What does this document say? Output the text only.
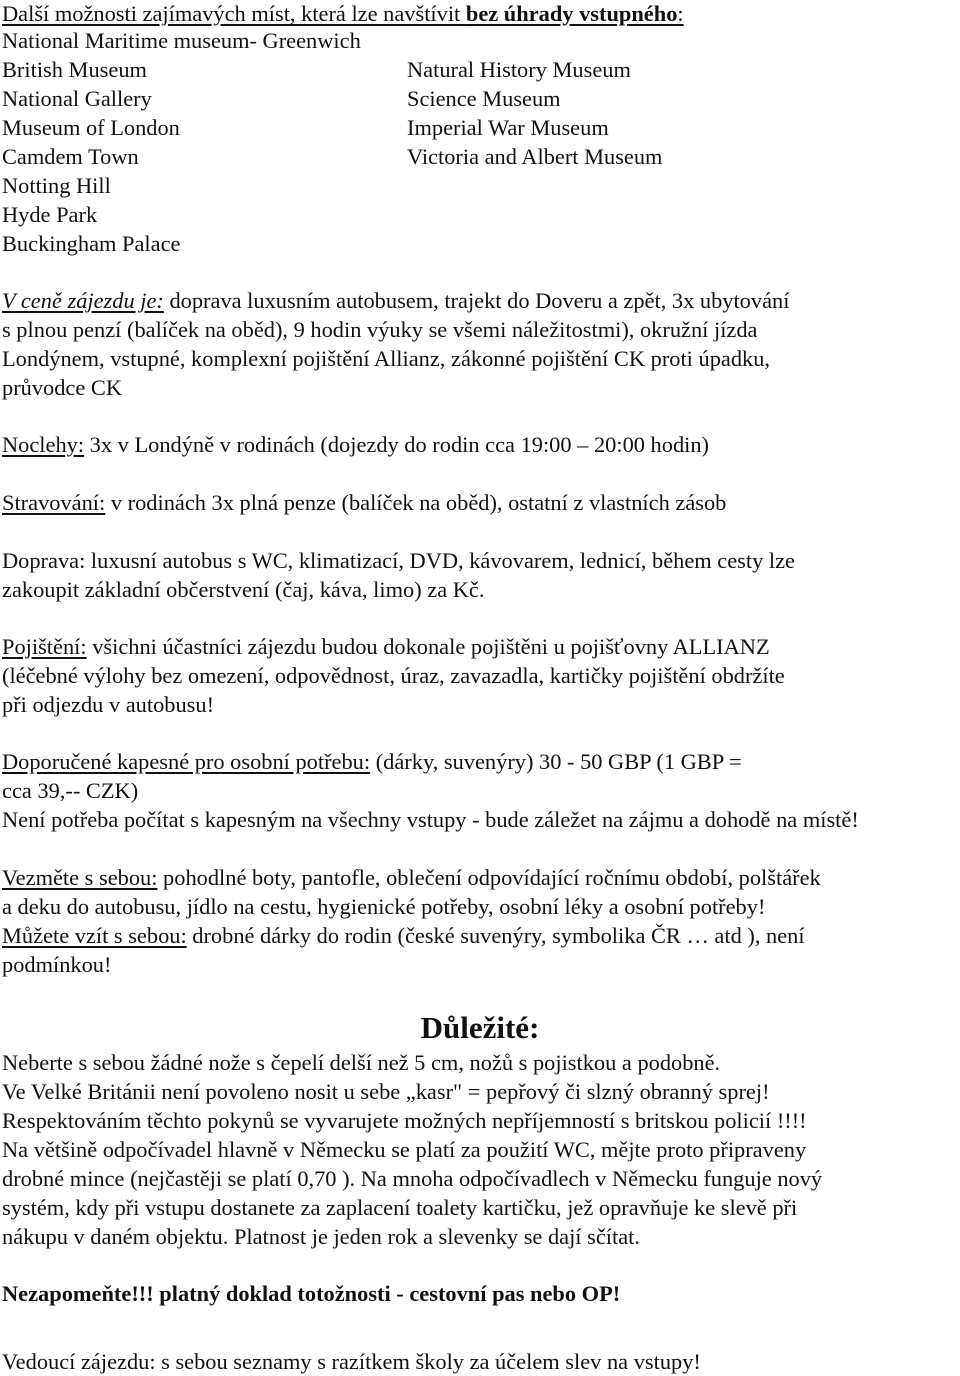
Další možnosti zajímavých míst, která lze navštívit bez úhrady vstupného:
National Maritime museum- Greenwich
British Museum
National Gallery
Museum of London
Camdem Town
Notting Hill
Hyde Park
Buckingham Palace
Natural History Museum
Science Museum
Imperial War Museum
Victoria and Albert Museum
V ceně zájezdu je: doprava luxusním autobusem, trajekt do Doveru a zpět, 3x ubytování
s plnou penzí (balíček na oběd), 9 hodin výuky se všemi náležitostmi), okružní jízda
Londýnem, vstupné, komplexní pojištění Allianz, zákonné pojištění CK proti úpadku,
průvodce CK
Noclehy: 3x v Londýně v rodinách (dojezdy do rodin cca 19:00 – 20:00 hodin)
Stravování: v rodinách 3x plná penze (balíček na oběd), ostatní z vlastních zásob
Doprava: luxusní autobus s WC, klimatizací, DVD, kávovarem, lednicí, během cesty lze
zakoupit základní občerstvení (čaj, káva, limo) za Kč.
Pojištění: všichni účastníci zájezdu budou dokonale pojištěni u pojišťovny ALLIANZ
(léčebné výlohy bez omezení, odpovědnost, úraz, zavazadla, kartičky pojištění obdržíte
při odjezdu v autobusu!
Doporučené kapesné pro osobní potřebu: (dárky, suvenýry) 30 - 50 GBP (1 GBP =
cca 39,-- CZK)
Není potřeba počítat s kapesným na všechny vstupy - bude záležet na zájmu a dohodě na místě!
Vezměte s sebou: pohodlné boty, pantofle, oblečení odpovídající ročnímu období, polštářek
a deku do autobusu, jídlo na cestu, hygienické potřeby, osobní léky a osobní potřeby!
Můžete vzít s sebou: drobné dárky do rodin (české suvenýry, symbolika ČR … atd ), není
podmínkou!
Důležité:
Neberte s sebou žádné nože s čepelí delší než 5 cm, nožů s pojistkou a podobně.
Ve Velké Británii není povoleno nosit u sebe „kasr" = pepřový či slzný obranný sprej!
Respektováním těchto pokynů se vyvarujete možných nepříjemností s britskou policií !!!!
Na většině odpočívadel hlavně v Německu se platí za použití WC, mějte proto připraveny
drobné mince (nejčastěji se platí 0,70 ). Na mnoha odpočívadlech v Německu funguje nový
systém, kdy při vstupu dostanete za zaplacení toalety kartičku, jež opravňuje ke slevě při
nákupu v daném objektu. Platnost je jeden rok a slevenky se dají sčítat.
Nezapomeňte!!! platný doklad totožnosti - cestovní pas nebo OP!
Vedoucí zájezdu: s sebou seznamy s razítkem školy za účelem slev na vstupy!
